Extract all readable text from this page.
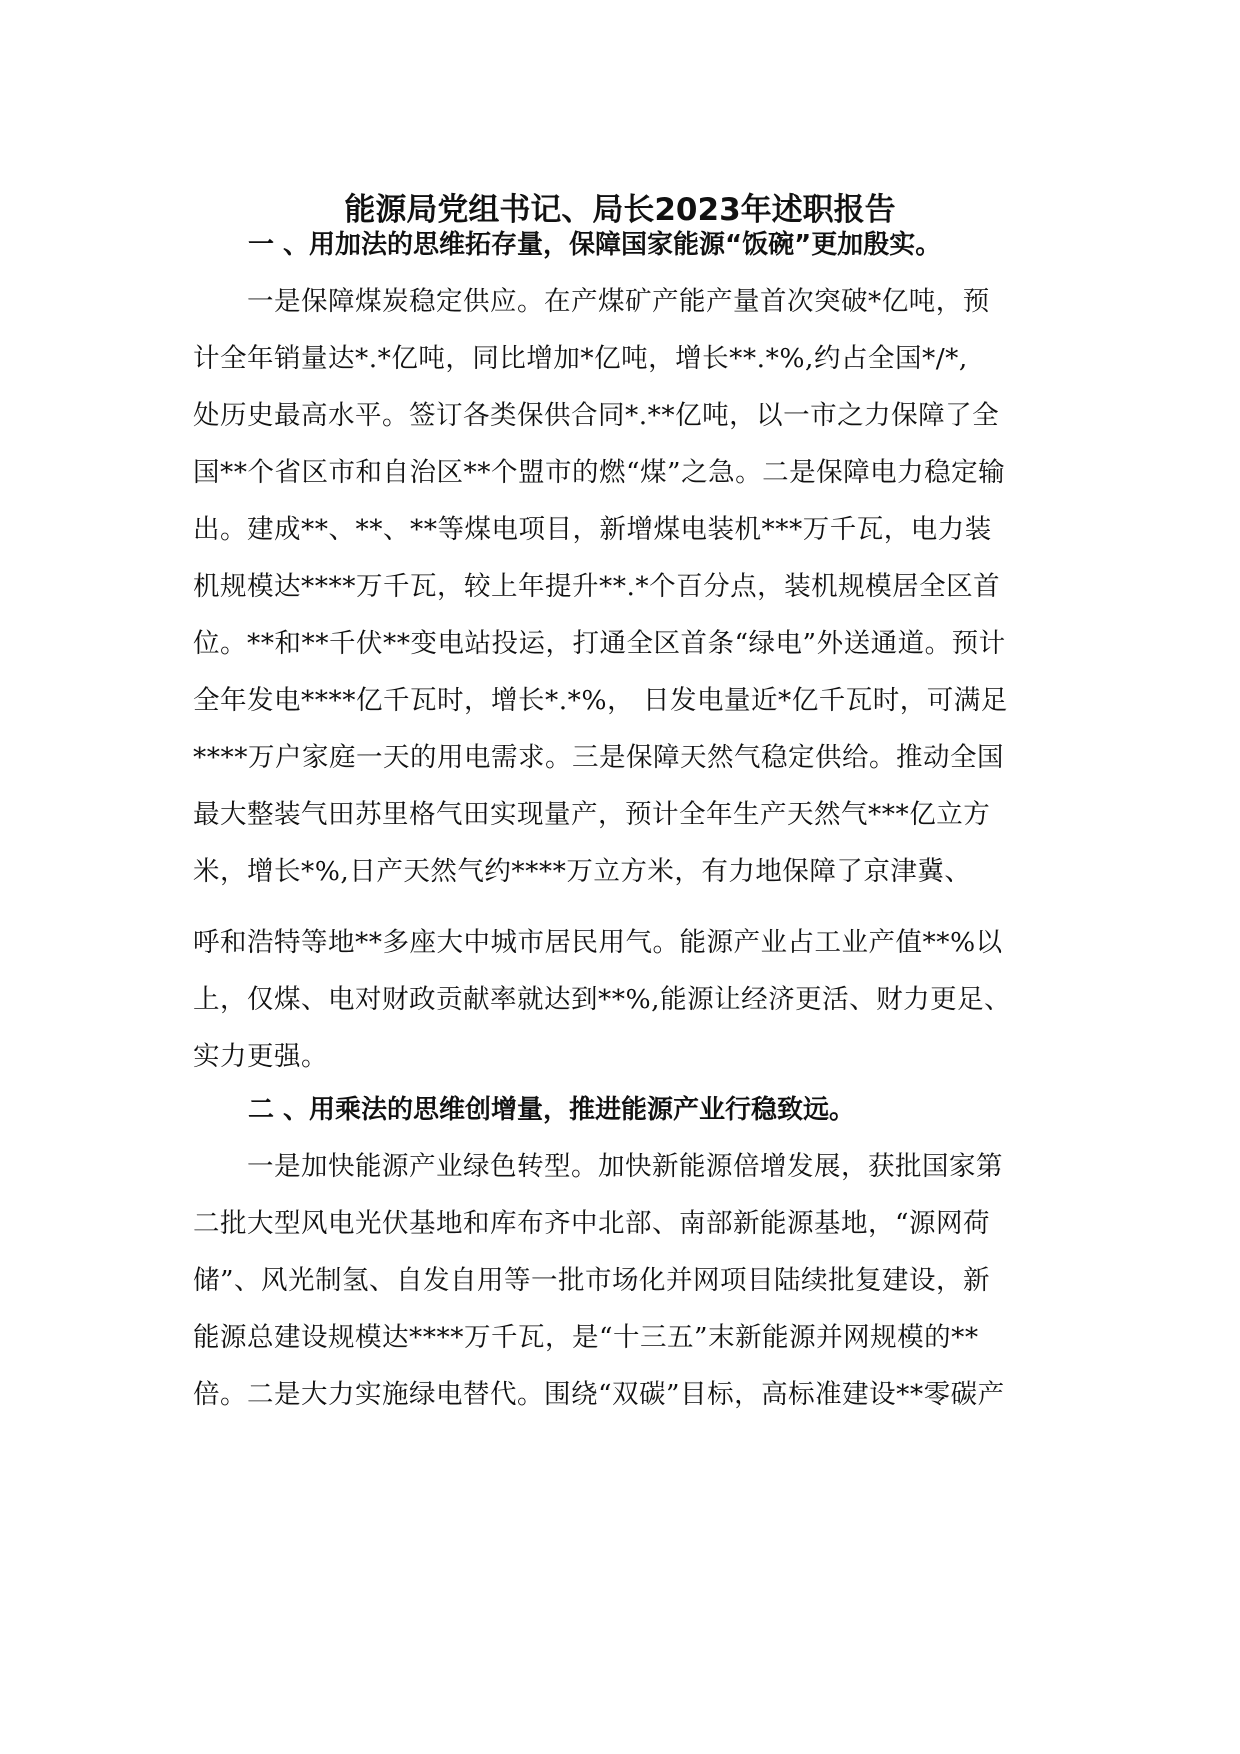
能源局党组书记、局长2023年述职报告
一 、用加法的思维拓存量，保障国家能源“饭碗”更加殷实。
一是保障煤炭稳定供应。在产煤矿产能产量首次突破*亿吨，预
计全年销量达*.*亿吨，同比增加*亿吨，增长**.*%,约占全国*/*,
处历史最高水平。签订各类保供合同*.**亿吨，以一市之力保障了全
国**个省区市和自治区**个盟市的燃“煤”之急。二是保障电力稳定输
出。建成**、**、**等煤电项目，新增煤电装机***万千瓦，电力装
机规模达****万千瓦，较上年提升**.*个百分点，装机规模居全区首
位。**和**千伏**变电站投运，打通全区首条“绿电”外送通道。预计
全年发电****亿千瓦时，增长*.*%， 日发电量近*亿千瓦时，可满足
****万户家庭一天的用电需求。三是保障天然气稳定供给。推动全国
最大整装气田苏里格气田实现量产，预计全年生产天然气***亿立方
米，增长*%,日产天然气约****万立方米，有力地保障了京津冀、
呼和浩特等地**多座大中城市居民用气。能源产业占工业产值**%以
上，仅煤、电对财政贡献率就达到**%,能源让经济更活、财力更足、
实力更强。
二 、用乘法的思维创增量，推进能源产业行稳致远。
一是加快能源产业绿色转型。加快新能源倍增发展，获批国家第
二批大型风电光伏基地和库布齐中北部、南部新能源基地，“源网荷
储”、风光制氢、自发自用等一批市场化并网项目陆续批复建设，新
能源总建设规模达****万千瓦，是“十三五”末新能源并网规模的**
倍。二是大力实施绿电替代。围绕“双碳”目标，高标准建设**零碳产
